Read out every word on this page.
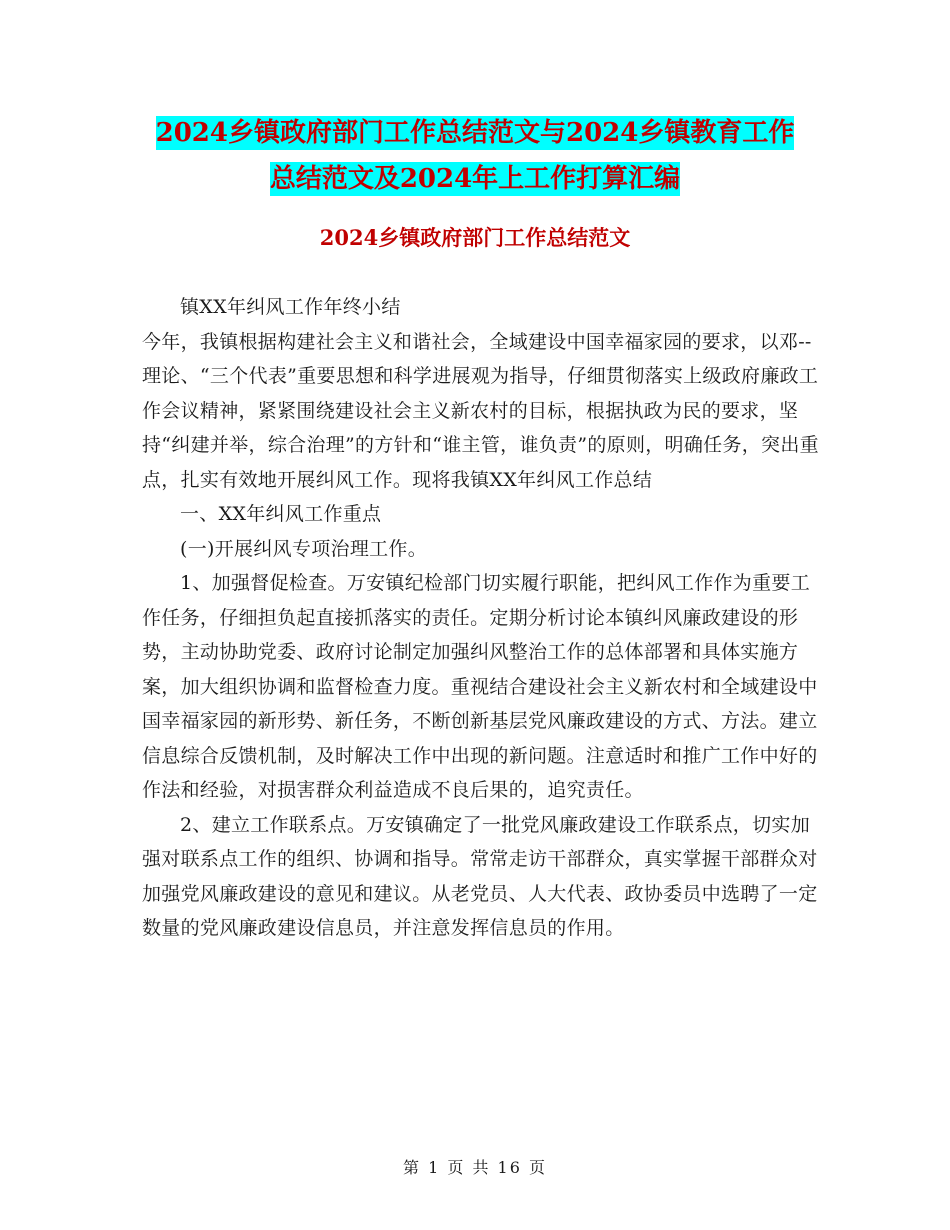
2024乡镇政府部门工作总结范文与2024乡镇教育工作
总结范文及2024年上工作打算汇编
2024乡镇政府部门工作总结范文

镇XX年纠风工作年终小结

今年，我镇根据构建社会主义和谐社会，全域建设中国幸福家园的要求，以邓--理论、“三个代表”重要思想和科学进展观为指导，仔细贯彻落实上级政府廉政工作会议精神，紧紧围绕建设社会主义新农村的目标，根据执政为民的要求，坚持“纠建并举，综合治理”的方针和“谁主管，谁负责”的原则，明确任务，突出重点，扎实有效地开展纠风工作。现将我镇XX年纠风工作总结

一、XX年纠风工作重点

(一)开展纠风专项治理工作。

1、加强督促检查。万安镇纪检部门切实履行职能，把纠风工作作为重要工作任务，仔细担负起直接抓落实的责任。定期分析讨论本镇纠风廉政建设的形势，主动协助党委、政府讨论制定加强纠风整治工作的总体部署和具体实施方案，加大组织协调和监督检查力度。重视结合建设社会主义新农村和全域建设中国幸福家园的新形势、新任务，不断创新基层党风廉政建设的方式、方法。建立信息综合反馈机制，及时解决工作中出现的新问题。注意适时和推广工作中好的作法和经验，对损害群众利益造成不良后果的，追究责任。

2、建立工作联系点。万安镇确定了一批党风廉政建设工作联系点，切实加强对联系点工作的组织、协调和指导。常常走访干部群众，真实掌握干部群众对加强党风廉政建设的意见和建议。从老党员、人大代表、政协委员中选聘了一定数量的党风廉政建设信息员，并注意发挥信息员的作用。

第 1 页 共 16 页
